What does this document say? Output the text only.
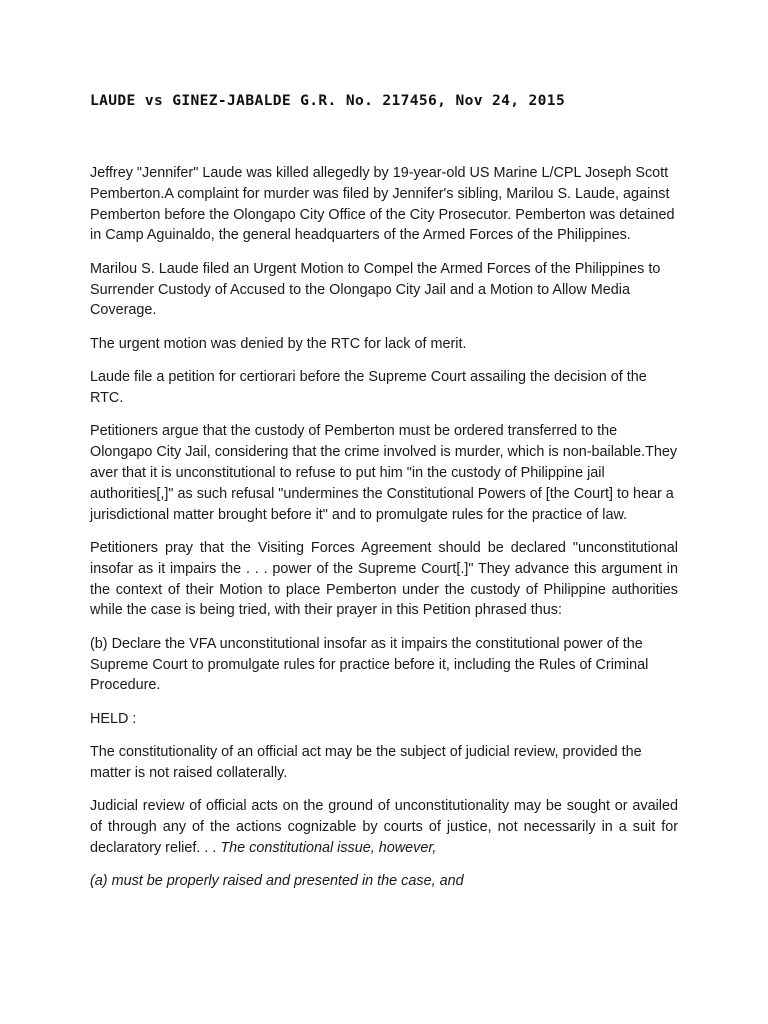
LAUDE vs GINEZ-JABALDE G.R. No. 217456, Nov 24, 2015

Jeffrey "Jennifer" Laude was killed allegedly by 19-year-old US Marine L/CPL Joseph Scott Pemberton.A complaint for murder was filed by Jennifer's sibling, Marilou S. Laude, against Pemberton before the Olongapo City Office of the City Prosecutor. Pemberton was detained in Camp Aguinaldo, the general headquarters of the Armed Forces of the Philippines.

Marilou S. Laude filed an Urgent Motion to Compel the Armed Forces of the Philippines to Surrender Custody of Accused to the Olongapo City Jail and a Motion to Allow Media Coverage.

The urgent motion was denied by the RTC for lack of merit.

Laude file a petition for certiorari before the Supreme Court assailing the decision of the RTC.

Petitioners argue that the custody of Pemberton must be ordered transferred to the Olongapo City Jail, considering that the crime involved is murder, which is non-bailable.They aver that it is unconstitutional to refuse to put him "in the custody of Philippine jail authorities[,]" as such refusal "undermines the Constitutional Powers of [the Court] to hear a jurisdictional matter brought before it" and to promulgate rules for the practice of law.

Petitioners pray that the Visiting Forces Agreement should be declared "unconstitutional insofar as it impairs the . . . power of the Supreme Court[.]" They advance this argument in the context of their Motion to place Pemberton under the custody of Philippine authorities while the case is being tried, with their prayer in this Petition phrased thus:

(b) Declare the VFA unconstitutional insofar as it impairs the constitutional power of the Supreme Court to promulgate rules for practice before it, including the Rules of Criminal Procedure.

HELD :

The constitutionality of an official act may be the subject of judicial review, provided the matter is not raised collaterally.

Judicial review of official acts on the ground of unconstitutionality may be sought or availed of through any of the actions cognizable by courts of justice, not necessarily in a suit for declaratory relief. . . The constitutional issue, however,

(a) must be properly raised and presented in the case, and
